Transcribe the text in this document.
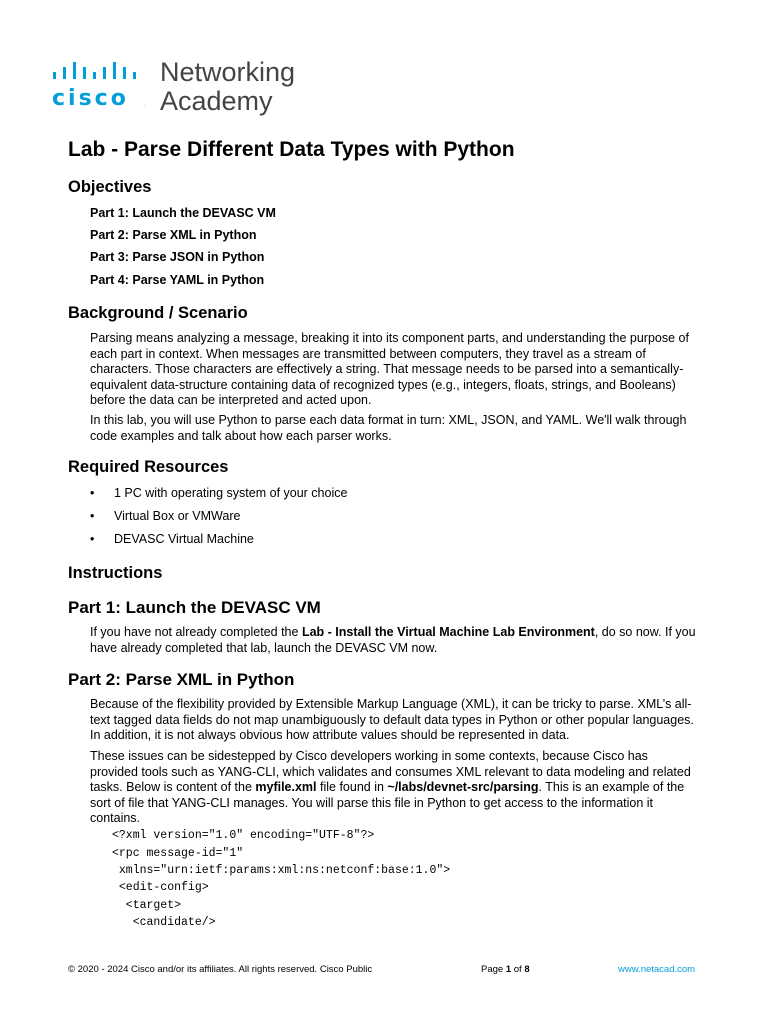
cisco	.
Networking
Academy
Lab - Parse Different Data Types with Python
Objectives
Part 1: Launch the DEVASC VM
Part 2: Parse XML in Python
Part 3: Parse JSON in Python
Part 4: Parse YAML in Python
Background / Scenario
Parsing means analyzing a message, breaking it into its component parts, and understanding the purpose of
each part in context. When messages are transmitted between computers, they travel as a stream of
characters. Those characters are effectively a string. That message needs to be parsed into a semantically-
equivalent data-structure containing data of recognized types (e.g., integers, floats, strings, and Booleans)
before the data can be interpreted and acted upon.
In this lab, you will use Python to parse each data format in turn: XML, JSON, and YAML. We'll walk through
code examples and talk about how each parser works.
Required Resources
• 1 PC with operating system of your choice
• Virtual Box or VMWare
• DEVASC Virtual Machine
Instructions
Part 1: Launch the DEVASC VM
If you have not already completed the Lab - Install the Virtual Machine Lab Environment, do so now. If you
have already completed that lab, launch the DEVASC VM now.
Part 2: Parse XML in Python
Because of the flexibility provided by Extensible Markup Language (XML), it can be tricky to parse. XML’s all-
text tagged data fields do not map unambiguously to default data types in Python or other popular languages.
In addition, it is not always obvious how attribute values should be represented in data.
These issues can be sidestepped by Cisco developers working in some contexts, because Cisco has
provided tools such as YANG-CLI, which validates and consumes XML relevant to data modeling and related
tasks. Below is content of the myfile.xml file found in ~/labs/devnet-src/parsing. This is an example of the
sort of file that YANG-CLI manages. You will parse this file in Python to get access to the information it
contains.
<?xml version="1.0" encoding="UTF-8"?>
<rpc message-id="1"
xmlns="urn:ietf:params:xml:ns:netconf:base:1.0">
<edit-config>
<target>
<candidate/>
© 2020 - 2024 Cisco and/or its affiliates. All rights reserved. Cisco Public	Page 1 of 8	www.netacad.com
